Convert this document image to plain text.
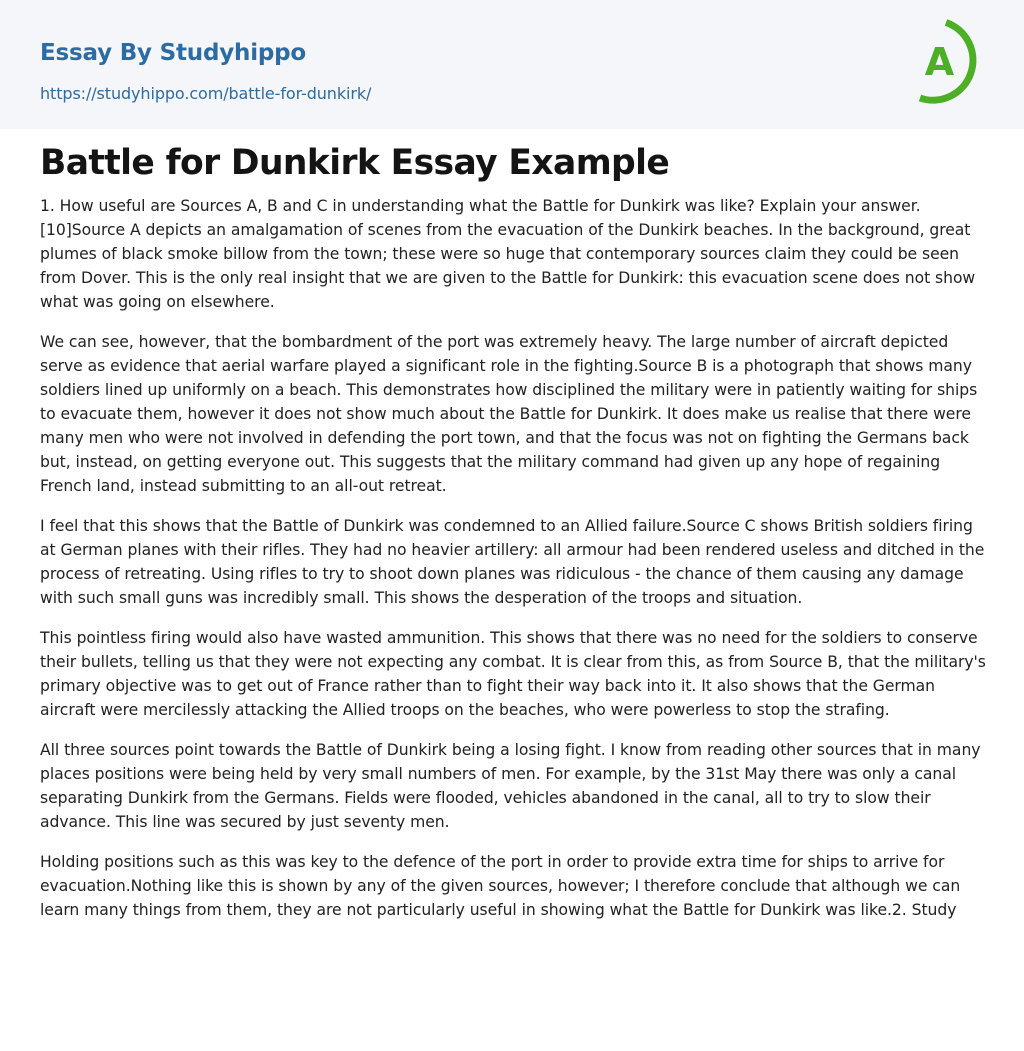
Essay By Studyhippo
https://studyhippo.com/battle-for-dunkirk/
A
Battle for Dunkirk Essay Example

1. How useful are Sources A, B and C in understanding what the Battle for Dunkirk was like? Explain your answer. [10]Source A depicts an amalgamation of scenes from the evacuation of the Dunkirk beaches. In the background, great plumes of black smoke billow from the town; these were so huge that contemporary sources claim they could be seen from Dover. This is the only real insight that we are given to the Battle for Dunkirk: this evacuation scene does not show what was going on elsewhere.

We can see, however, that the bombardment of the port was extremely heavy. The large number of aircraft depicted serve as evidence that aerial warfare played a significant role in the fighting.Source B is a photograph that shows many soldiers lined up uniformly on a beach. This demonstrates how disciplined the military were in patiently waiting for ships to evacuate them, however it does not show much about the Battle for Dunkirk. It does make us realise that there were many men who were not involved in defending the port town, and that the focus was not on fighting the Germans back but, instead, on getting everyone out. This suggests that the military command had given up any hope of regaining French land, instead submitting to an all-out retreat.

I feel that this shows that the Battle of Dunkirk was condemned to an Allied failure.Source C shows British soldiers firing at German planes with their rifles. They had no heavier artillery: all armour had been rendered useless and ditched in the process of retreating. Using rifles to try to shoot down planes was ridiculous - the chance of them causing any damage with such small guns was incredibly small. This shows the desperation of the troops and situation.

This pointless firing would also have wasted ammunition. This shows that there was no need for the soldiers to conserve their bullets, telling us that they were not expecting any combat. It is clear from this, as from Source B, that the military's primary objective was to get out of France rather than to fight their way back into it. It also shows that the German aircraft were mercilessly attacking the Allied troops on the beaches, who were powerless to stop the strafing.

All three sources point towards the Battle of Dunkirk being a losing fight. I know from reading other sources that in many places positions were being held by very small numbers of men. For example, by the 31st May there was only a canal separating Dunkirk from the Germans. Fields were flooded, vehicles abandoned in the canal, all to try to slow their advance. This line was secured by just seventy men.

Holding positions such as this was key to the defence of the port in order to provide extra time for ships to arrive for evacuation.Nothing like this is shown by any of the given sources, however; I therefore conclude that although we can learn many things from them, they are not particularly useful in showing what the Battle for Dunkirk was like.2. Study
